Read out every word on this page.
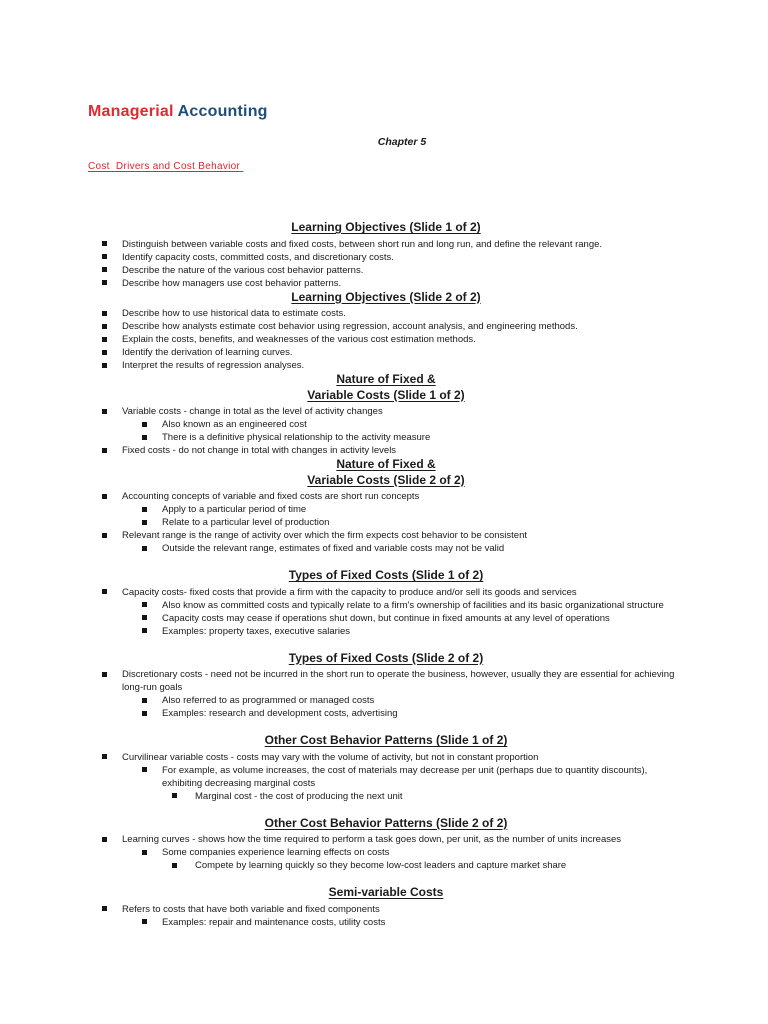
Managerial Accounting
Chapter 5
Cost  Drivers and Cost Behavior
Learning Objectives (Slide 1 of 2)
Distinguish between variable costs and fixed costs, between short run and long run, and define the relevant range.
Identify capacity costs, committed costs, and discretionary costs.
Describe the nature of the various cost behavior patterns.
Describe how managers use cost behavior patterns.
Learning Objectives (Slide 2 of 2)
Describe how to use historical data to estimate costs.
Describe how analysts estimate cost behavior using regression, account analysis, and engineering methods.
Explain the costs, benefits, and weaknesses of the various cost estimation methods.
Identify the derivation of learning curves.
Interpret the results of regression analyses.
Nature of Fixed &
Variable Costs (Slide 1 of 2)
Variable costs - change in total as the level of activity changes
Also known as an engineered cost
There is a definitive physical relationship to the activity measure
Fixed costs - do not change in total with changes in activity levels
Nature of Fixed &
Variable Costs (Slide 2 of 2)
Accounting concepts of variable and fixed costs are short run concepts
Apply to a particular period of time
Relate to a particular level of production
Relevant range is the range of activity over which the firm expects cost behavior to be consistent
Outside the relevant range, estimates of fixed and variable costs may not be valid
Types of Fixed Costs (Slide 1 of 2)
Capacity costs- fixed costs that provide a firm with the capacity to produce and/or sell its goods and services
Also know as committed costs and typically relate to a firm's ownership of facilities and its basic organizational structure
Capacity costs may cease if operations shut down, but continue in fixed amounts at any level of operations
Examples: property taxes, executive salaries
Types of Fixed Costs (Slide 2 of 2)
Discretionary costs - need not be incurred in the short run to operate the business, however, usually they are essential for achieving long-run goals
Also referred to as programmed or managed costs
Examples: research and development costs, advertising
Other Cost Behavior Patterns (Slide 1 of 2)
Curvilinear variable costs - costs may vary with the volume of activity, but not in constant proportion
For example, as volume increases, the cost of materials may decrease per unit (perhaps due to quantity discounts), exhibiting decreasing marginal costs
Marginal cost - the cost of producing the next unit
Other Cost Behavior Patterns (Slide 2 of 2)
Learning curves - shows how the time required to perform a task goes down, per unit, as the number of units increases
Some companies experience learning effects on costs
Compete by learning quickly so they become low-cost leaders and capture market share
Semi-variable Costs
Refers to costs that have both variable and fixed components
Examples: repair and maintenance costs, utility costs
